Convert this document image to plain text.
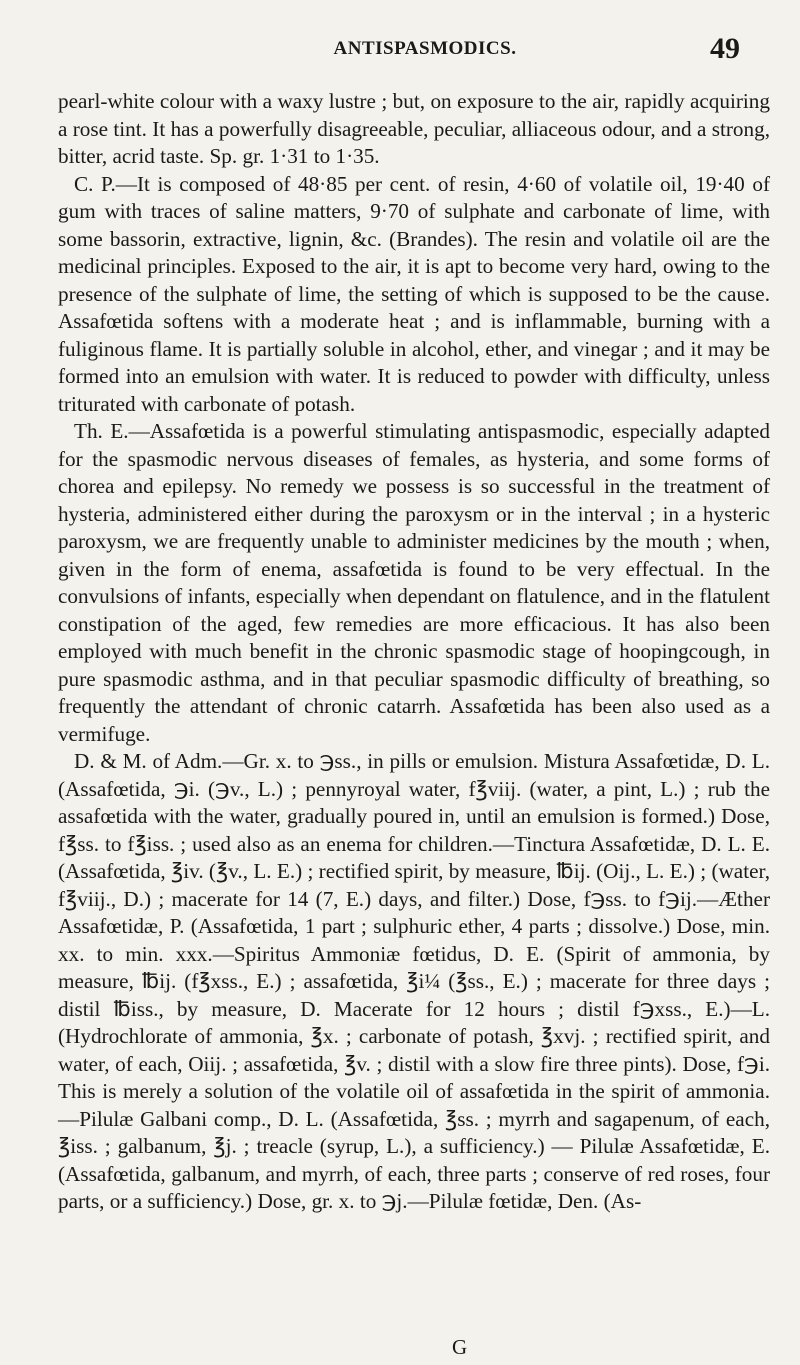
ANTISPASMODICS.	49

pearl-white colour with a waxy lustre ; but, on exposure to the air, rapidly acquiring a rose tint. It has a powerfully disagreeable, peculiar, alliaceous odour, and a strong, bitter, acrid taste. Sp. gr. 1·31 to 1·35.

C. P.—It is composed of 48·85 per cent. of resin, 4·60 of volatile oil, 19·40 of gum with traces of saline matters, 9·70 of sulphate and carbonate of lime, with some bassorin, extractive, lignin, &c. (Brandes). The resin and volatile oil are the medicinal principles. Exposed to the air, it is apt to become very hard, owing to the presence of the sulphate of lime, the setting of which is supposed to be the cause. Assafœtida softens with a moderate heat ; and is inflammable, burning with a fuliginous flame. It is partially soluble in alcohol, ether, and vinegar ; and it may be formed into an emulsion with water. It is reduced to powder with difficulty, unless triturated with carbonate of potash.

Th. E.—Assafœtida is a powerful stimulating antispasmodic, especially adapted for the spasmodic nervous diseases of females, as hysteria, and some forms of chorea and epilepsy. No remedy we possess is so successful in the treatment of hysteria, administered either during the paroxysm or in the interval ; in a hysteric paroxysm, we are frequently unable to administer medicines by the mouth ; when, given in the form of enema, assafœtida is found to be very effectual. In the convulsions of infants, especially when dependant on flatulence, and in the flatulent constipation of the aged, few remedies are more efficacious. It has also been employed with much benefit in the chronic spasmodic stage of hoopingcough, in pure spasmodic asthma, and in that peculiar spasmodic difficulty of breathing, so frequently the attendant of chronic catarrh. Assafœtida has been also used as a vermifuge.

D. & M. of Adm.—Gr. x. to ℈ss., in pills or emulsion. Mistura Assafœtidæ, D. L. (Assafœtida, ℈i. (℈v., L.) ; pennyroyal water, f℥viij. (water, a pint, L.) ; rub the assafœtida with the water, gradually poured in, until an emulsion is formed.) Dose, f℥ss. to f℥iss. ; used also as an enema for children.—Tinctura Assafœtidæ, D. L. E. (Assafœtida, ℥iv. (℥v., L. E.) ; rectified spirit, by measure, ℔ij. (Oij., L. E.) ; (water, f℥viij., D.) ; macerate for 14 (7, E.) days, and filter.) Dose, f℈ss. to f℈ij.—Æther Assafœtidæ, P. (Assafœtida, 1 part ; sulphuric ether, 4 parts ; dissolve.) Dose, min. xx. to min. xxx.—Spiritus Ammoniæ fœtidus, D. E. (Spirit of ammonia, by measure, ℔ij. (f℥xss., E.) ; assafœtida, ℥i¼ (℥ss., E.) ; macerate for three days ; distil ℔iss., by measure, D. Macerate for 12 hours ; distil f℈xss., E.)—L. (Hydrochlorate of ammonia, ℥x. ; carbonate of potash, ℥xvj. ; rectified spirit, and water, of each, Oiij. ; assafœtida, ℥v. ; distil with a slow fire three pints). Dose, f℈i. This is merely a solution of the volatile oil of assafœtida in the spirit of ammonia. —Pilulæ Galbani comp., D. L. (Assafœtida, ℥ss. ; myrrh and sagapenum, of each, ℥iss. ; galbanum, ℥j. ; treacle (syrup, L.), a sufficiency.) — Pilulæ Assafœtidæ, E. (Assafœtida, galbanum, and myrrh, of each, three parts ; conserve of red roses, four parts, or a sufficiency.) Dose, gr. x. to ℈j.—Pilulæ fœtidæ, Den. (As-

G
